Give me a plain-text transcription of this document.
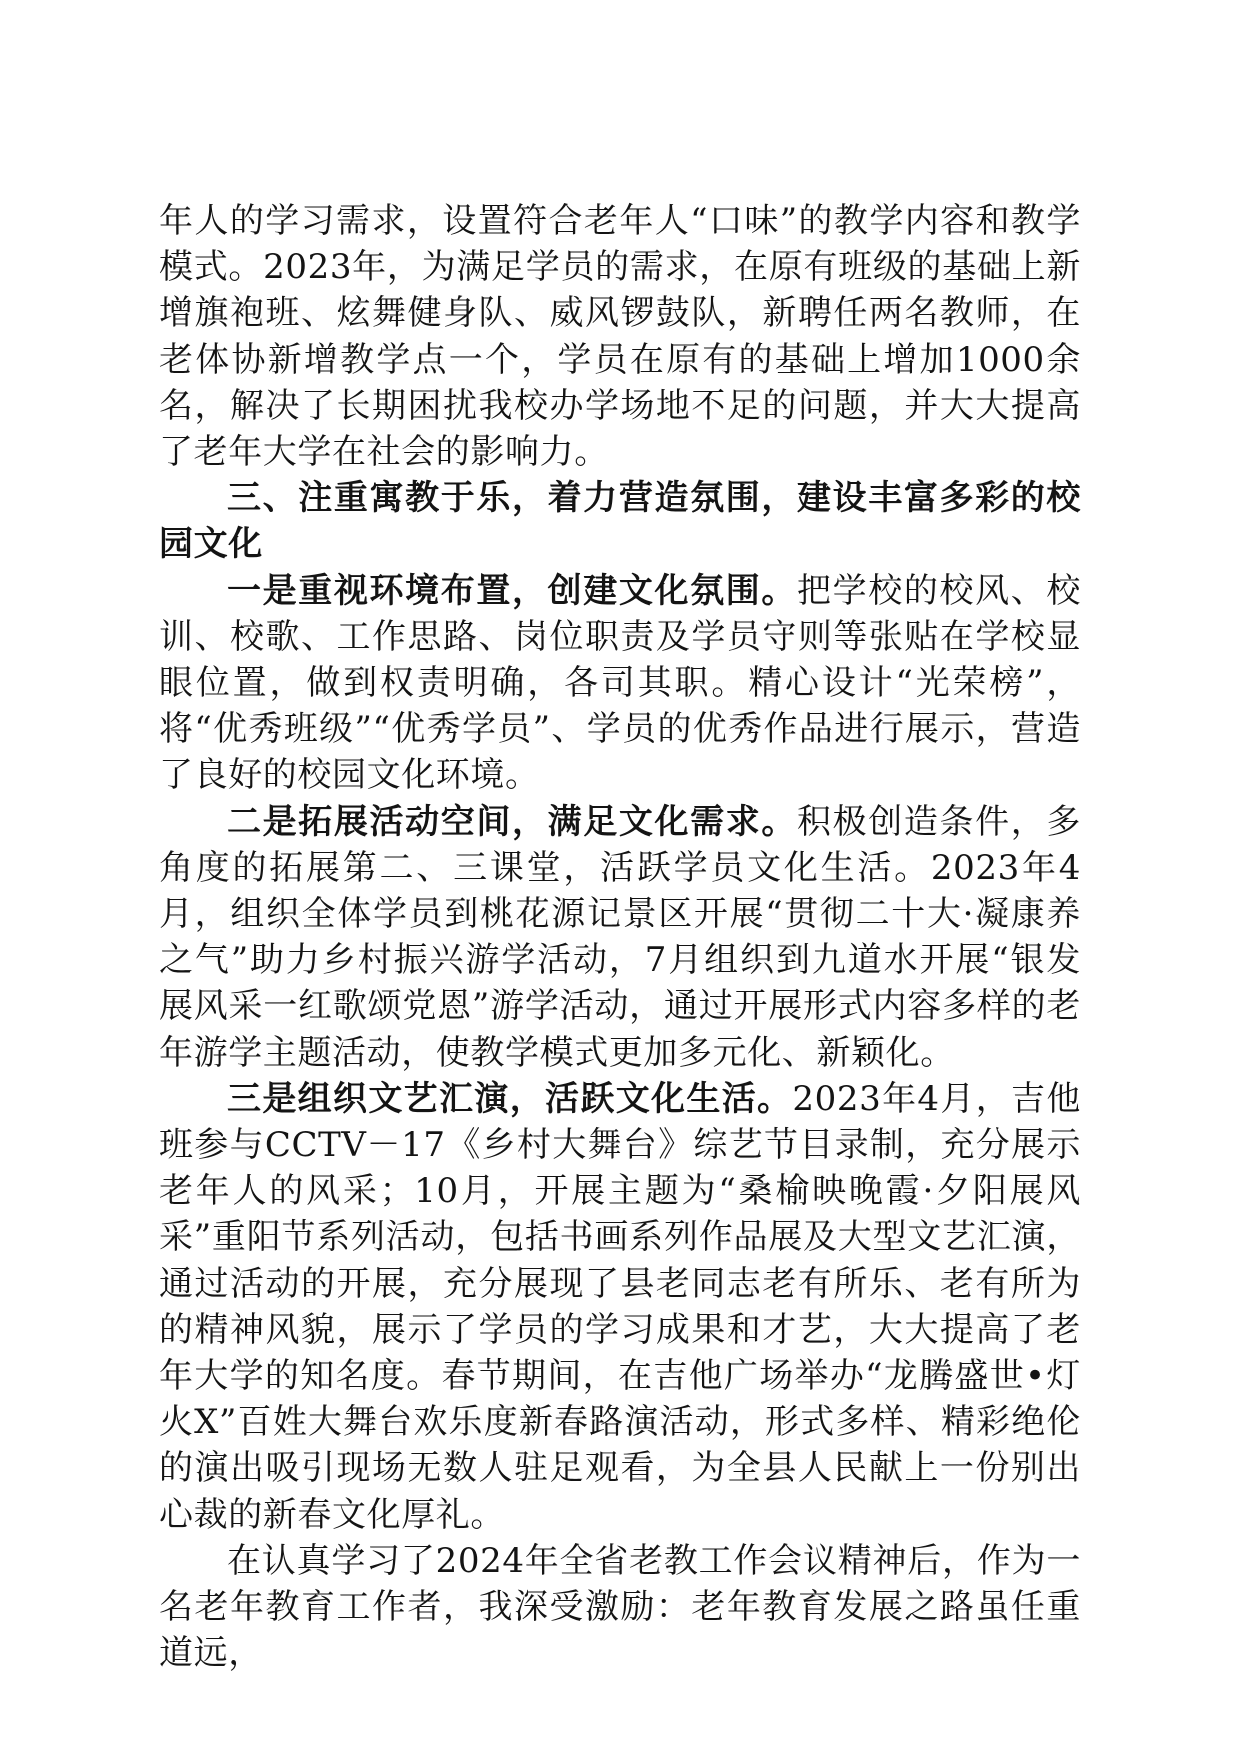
年人的学习需求，设置符合老年人“口味”的教学内容和教学模式。2023年，为满足学员的需求，在原有班级的基础上新增旗袍班、炫舞健身队、威风锣鼓队，新聘任两名教师，在老体协新增教学点一个，学员在原有的基础上增加1000余名，解决了长期困扰我校办学场地不足的问题，并大大提高了老年大学在社会的影响力。

三、注重寓教于乐，着力营造氛围，建设丰富多彩的校园文化

一是重视环境布置，创建文化氛围。把学校的校风、校训、校歌、工作思路、岗位职责及学员守则等张贴在学校显眼位置，做到权责明确，各司其职。精心设计“光荣榜”，将“优秀班级”“优秀学员”、学员的优秀作品进行展示，营造了良好的校园文化环境。

二是拓展活动空间，满足文化需求。积极创造条件，多角度的拓展第二、三课堂，活跃学员文化生活。2023年4月，组织全体学员到桃花源记景区开展“贯彻二十大·凝康养之气”助力乡村振兴游学活动，7月组织到九道水开展“银发展风采一红歌颂党恩”游学活动，通过开展形式内容多样的老年游学主题活动，使教学模式更加多元化、新颖化。

三是组织文艺汇演，活跃文化生活。2023年4月，吉他班参与CCTV－17《乡村大舞台》综艺节目录制，充分展示老年人的风采；10月，开展主题为“桑榆映晚霞·夕阳展风采”重阳节系列活动，包括书画系列作品展及大型文艺汇演，通过活动的开展，充分展现了县老同志老有所乐、老有所为的精神风貌，展示了学员的学习成果和才艺，大大提高了老年大学的知名度。春节期间，在吉他广场举办“龙腾盛世•灯火X”百姓大舞台欢乐度新春路演活动，形式多样、精彩绝伦的演出吸引现场无数人驻足观看，为全县人民献上一份别出心裁的新春文化厚礼。

在认真学习了2024年全省老教工作会议精神后，作为一名老年教育工作者，我深受激励：老年教育发展之路虽任重道远，
